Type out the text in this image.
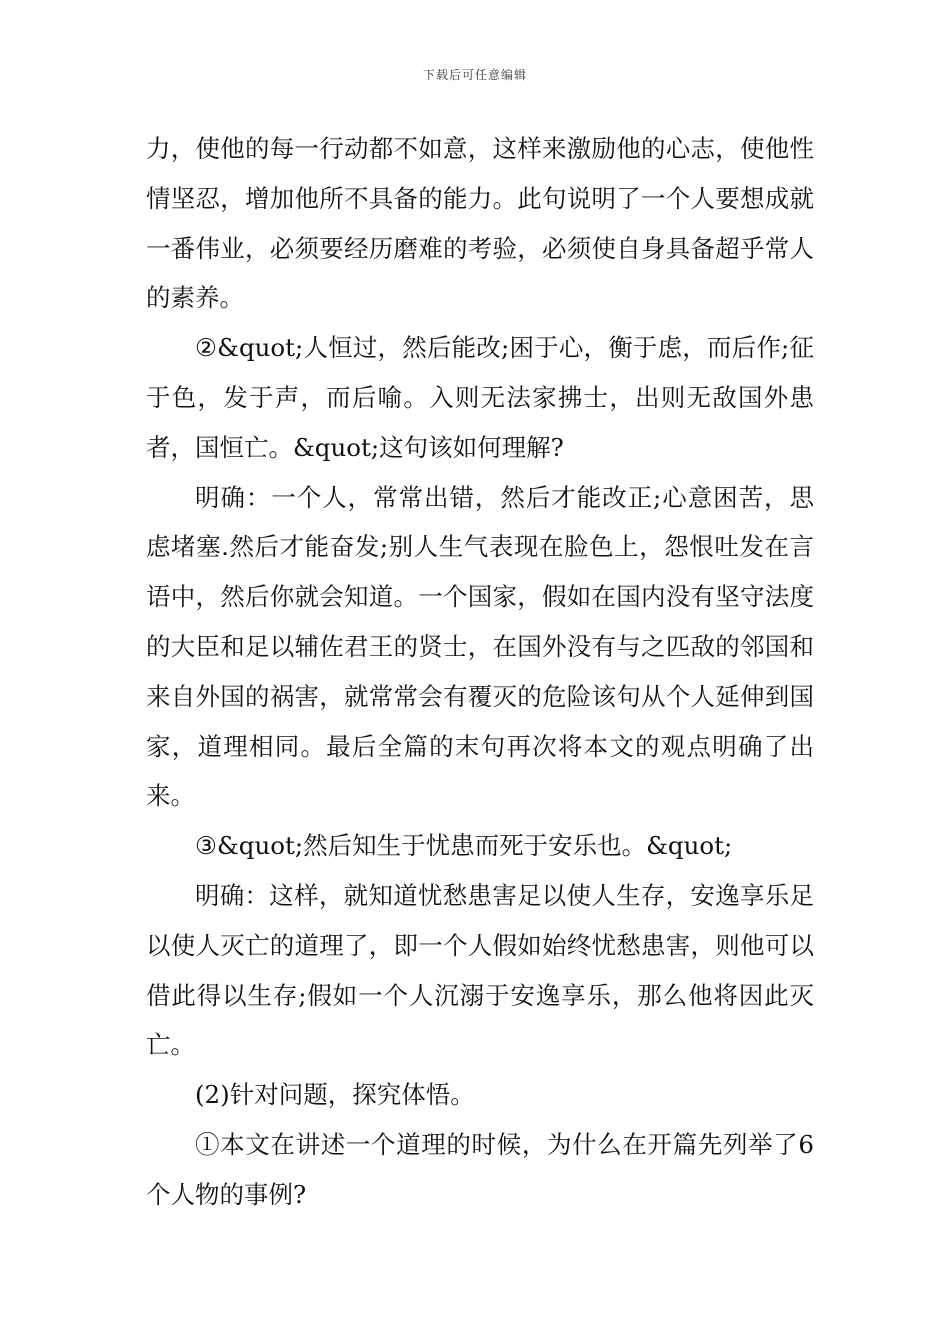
下载后可任意编辑

力，使他的每一行动都不如意，这样来激励他的心志，使他性情坚忍，增加他所不具备的能力。此句说明了一个人要想成就一番伟业，必须要经历磨难的考验，必须使自身具备超乎常人的素养。

②&quot;人恒过，然后能改;困于心，衡于虑，而后作;征于色，发于声，而后喻。入则无法家拂士，出则无敌国外患者，国恒亡。&quot;这句该如何理解?

明确：一个人，常常出错，然后才能改正;心意困苦，思虑堵塞.然后才能奋发;别人生气表现在脸色上，怨恨吐发在言语中，然后你就会知道。一个国家，假如在国内没有坚守法度的大臣和足以辅佐君王的贤士，在国外没有与之匹敌的邻国和来自外国的祸害，就常常会有覆灭的危险该句从个人延伸到国家，道理相同。最后全篇的末句再次将本文的观点明确了出来。

③&quot;然后知生于忧患而死于安乐也。&quot;

明确：这样，就知道忧愁患害足以使人生存，安逸享乐足以使人灭亡的道理了，即一个人假如始终忧愁患害，则他可以借此得以生存;假如一个人沉溺于安逸享乐，那么他将因此灭亡。

(2)针对问题，探究体悟。

①本文在讲述一个道理的时候，为什么在开篇先列举了6个人物的事例?
